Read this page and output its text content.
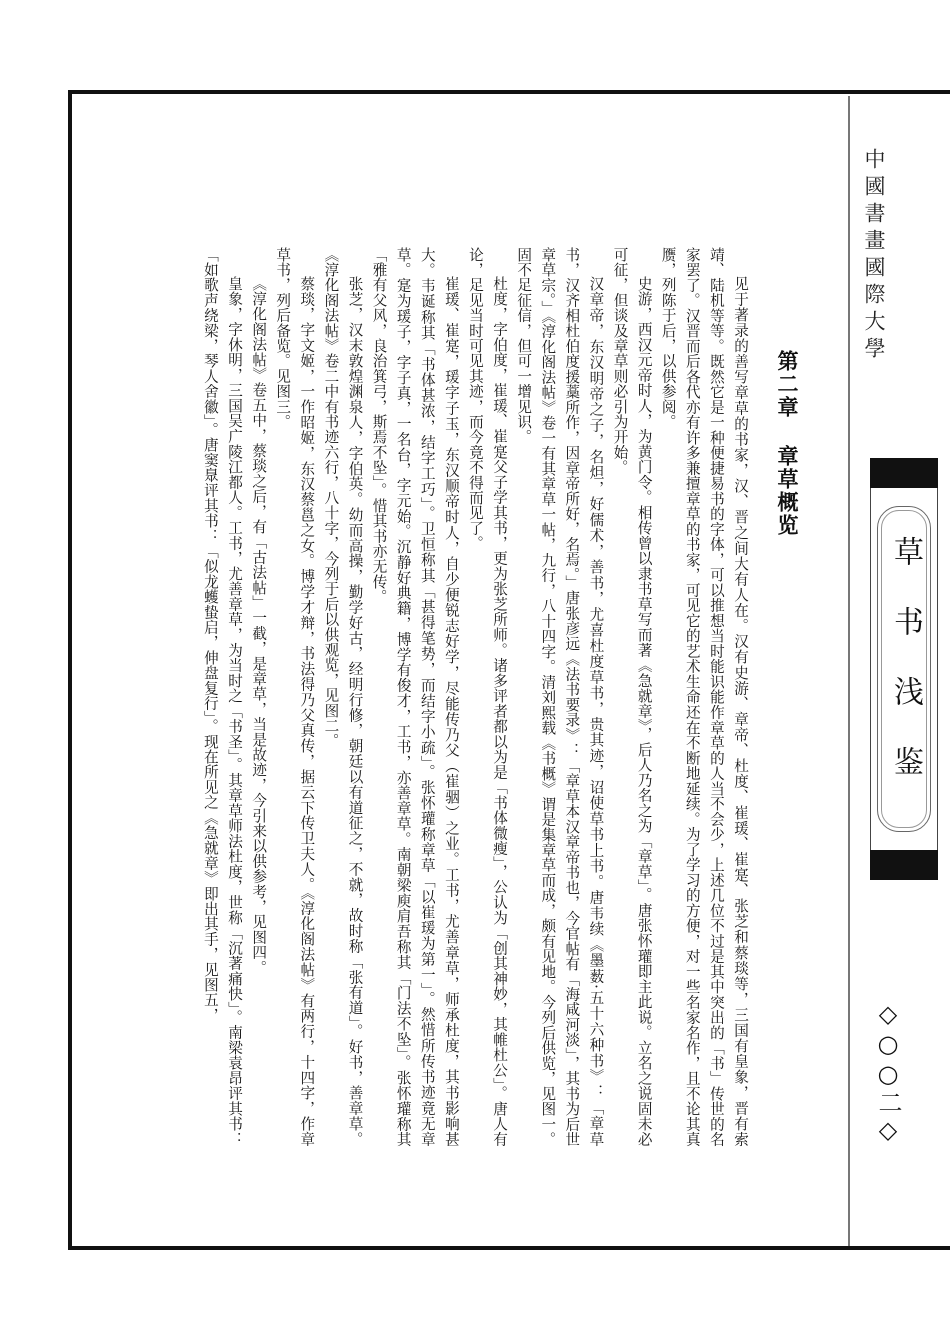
中國書畫國際大學
草书浅鉴
◇○○二◇
第二章 章草概览

见于著录的善写章草的书家，汉、晋之间大有人在。汉有史游、章帝、杜度、崔瑗、崔寔、张芝和蔡琰等，三国有皇象，晋有索靖、陆机等等。既然它是一种便捷易书的字体，可以推想当时能识能作章草的人当不会少，上述几位不过是其中突出的「书」传世的名家罢了。汉晋而后各代亦有许多兼擅章草的书家，可见它的艺术生命还在不断地延续。为了学习的方便，对一些名家名作，且不论其真赝，列陈于后，以供参阅。

史游，西汉元帝时人，为黄门令。相传曾以隶书草写而著《急就章》，后人乃名之为「章草」。唐张怀瓘即主此说。立名之说固未必可征，但谈及章草则必引为开始。

汉章帝，东汉明帝之子，名炟，好儒术，善书，尤喜杜度草书，贵其迹，诏使草书上书。唐韦续《墨薮·五十六种书》：「章草书，汉齐相杜伯度援藁所作，因章帝所好，名焉。」唐张彦远《法书要录》：「章草本汉章帝书也，今官帖有「海咸河淡」，其书为后世章草宗。」《淳化阁法帖》卷一有其章草一帖，九行，八十四字。清刘熙载《书概》谓是集章草而成，颇有见地。今列后供览，见图一。固不足征信，但可一增见识。

杜度，字伯度，崔瑗、崔寔父子学其书，更为张芝所师。诸多评者都以为是「书体微瘦」，公认为「创其神妙，其帷杜公」。唐人有论，足见当时可见其迹，而今竟不得而见了。

崔瑗、崔寔，瑗字子玉，东汉顺帝时人，自少便锐志好学，尽能传乃父（崔骃）之业。工书，尤善章草，师承杜度，其书影响甚大。韦诞称其「书体甚浓，结字工巧」。卫恒称其「甚得笔势，而结字小疏」。张怀瓘称章草「以崔瑗为第一」。然惜所传书迹竟无章草。寔为瑗子，字子真，一名台，字元始。沉静好典籍，博学有俊才，工书，亦善章草。南朝梁庾肩吾称其「门法不坠」。张怀瓘称其「雅有父风，良治箕弓，斯焉不坠」。惜其书亦无传。

张芝，汉末敦煌渊泉人，字伯英。幼而高操，勤学好古，经明行修，朝廷以有道征之，不就，故时称「张有道」。好书，善章草。《淳化阁法帖》卷二中有书迹六行，八十字，今列于后以供观览，见图二。

蔡琰，字文姬，一作昭姬，东汉蔡邕之女。博学才辩，书法得乃父真传，据云下传卫夫人。《淳化阁法帖》有两行，十四字，作章草书，列后备览。见图三。

《淳化阁法帖》卷五中，蔡琰之后，有「古法帖」一截，是章草，当是故迹，今引来以供参考，见图四。

皇象，字休明，三国吴广陵江都人。工书，尤善章草，为当时之「书圣」。其章草师法杜度，世称「沉著痛快」。南梁袁昂评其书：「如歌声绕梁，琴人舍徽」。唐窦臮评其书：「似龙蠖蛰启，伸盘复行」。现在所见之《急就章》即出其手，见图五，
